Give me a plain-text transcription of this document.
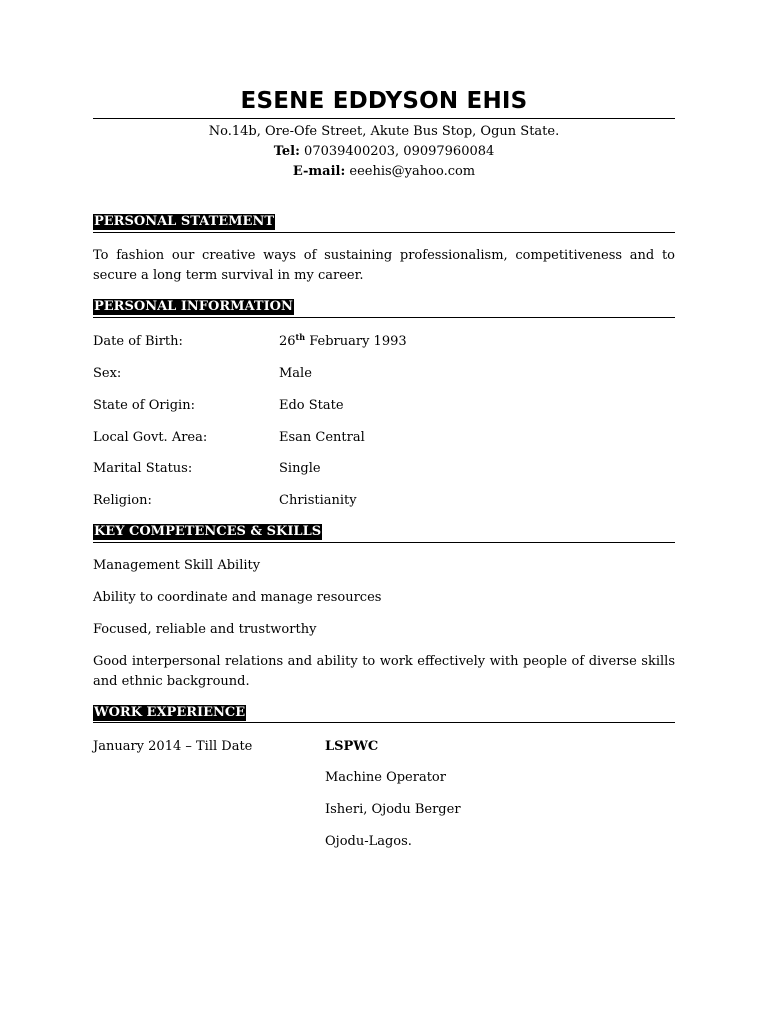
ESENE EDDYSON EHIS
No.14b, Ore-Ofe Street, Akute Bus Stop, Ogun State.
Tel: 07039400203, 09097960084
E-mail: eeehis@yahoo.com
PERSONAL STATEMENT
To fashion our creative ways of sustaining professionalism, competitiveness and to secure a long term survival in my career.
PERSONAL INFORMATION
Date of Birth:	26th February 1993
Sex:	Male
State of Origin:	Edo State
Local Govt. Area:	Esan Central
Marital Status:	Single
Religion:	Christianity
KEY COMPETENCES & SKILLS
Management Skill Ability
Ability to coordinate and manage resources
Focused, reliable and trustworthy
Good interpersonal relations and ability to work effectively with people of diverse skills and ethnic background.
WORK EXPERIENCE
January 2014 – Till Date	LSPWC
Machine Operator
Isheri, Ojodu Berger
Ojodu-Lagos.
